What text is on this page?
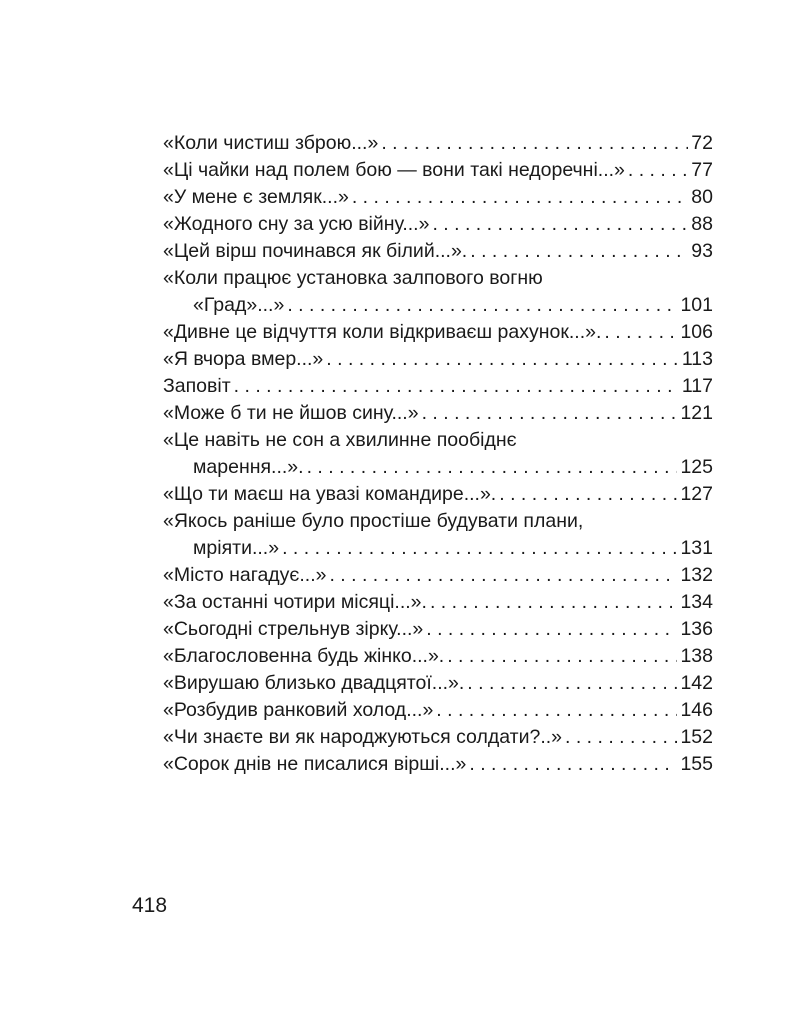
«Коли чистиш зброю...» . . .	72
«Ці чайки над полем бою — вони такі недоречні...» . . .	77
«У мене є земляк...» . . .	80
«Жодного сну за усю війну...» . . .	88
«Цей вірш починався як білий...». . . .	93
«Коли працює установка залпового вогню
«Град»...» . . .	101
«Дивне це відчуття коли відкриваєш рахунок...». . . .	106
«Я вчора вмер...» . . .	113
Заповіт . . .	117
«Може б ти не йшов сину...» . . .	121
«Це навіть не сон а хвилинне пообіднє
марення...». . . .	125
«Що ти маєш на увазі командире...». . . .	127
«Якось раніше було простіше будувати плани,
мріяти...» . . .	131
«Місто нагадує...» . . .	132
«За останні чотири місяці...». . . .	134
«Сьогодні стрельнув зірку...» . . .	136
«Благословенна будь жінко...». . . .	138
«Вирушаю близько двадцятої...». . . .	142
«Розбудив ранковий холод...» . . .	146
«Чи знаєте ви як народжуються солдати?..» . . .	152
«Сорок днів не писалися вірші...» . . .	155
418
